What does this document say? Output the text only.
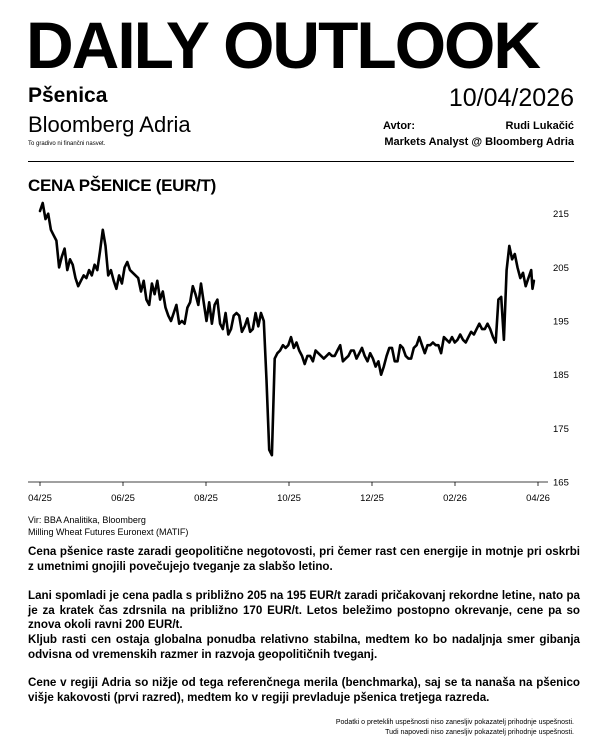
DAILY OUTLOOK
Pšenica	10/04/2026
Bloomberg Adria
To gradivo ni finančni nasvet.
Avtor:	Rudi Lukačić
Markets Analyst @ Bloomberg Adria
CENA PŠENICE (EUR/T)
04/25	06/25	08/25	10/25	12/25	02/26	04/26
215
205
195
185
175
165
Vir: BBA Analitika, Bloomberg
Milling Wheat Futures Euronext (MATIF)
Cena pšenice raste zaradi geopolitične negotovosti, pri čemer rast cen energije in motnje pri oskrbi z umetnimi gnojili povečujejo tveganje za slabšo letino.
Lani spomladi je cena padla s približno 205 na 195 EUR/t zaradi pričakovanj rekordne letine, nato pa je za kratek čas zdrsnila na približno 170 EUR/t. Letos beležimo postopno okrevanje, cene pa so znova okoli ravni 200 EUR/t.
Kljub rasti cen ostaja globalna ponudba relativno stabilna, medtem ko bo nadaljnja smer gibanja odvisna od vremenskih razmer in razvoja geopolitičnih tveganj.
Cene v regiji Adria so nižje od tega referenčnega merila (benchmarka), saj se ta nanaša na pšenico višje kakovosti (prvi razred), medtem ko v regiji prevladuje pšenica tretjega razreda.
Podatki o preteklih uspešnosti niso zanesljiv pokazatelj prihodnje uspešnosti.
Tudi napovedi niso zanesljiv pokazatelj prihodnje uspešnosti.
